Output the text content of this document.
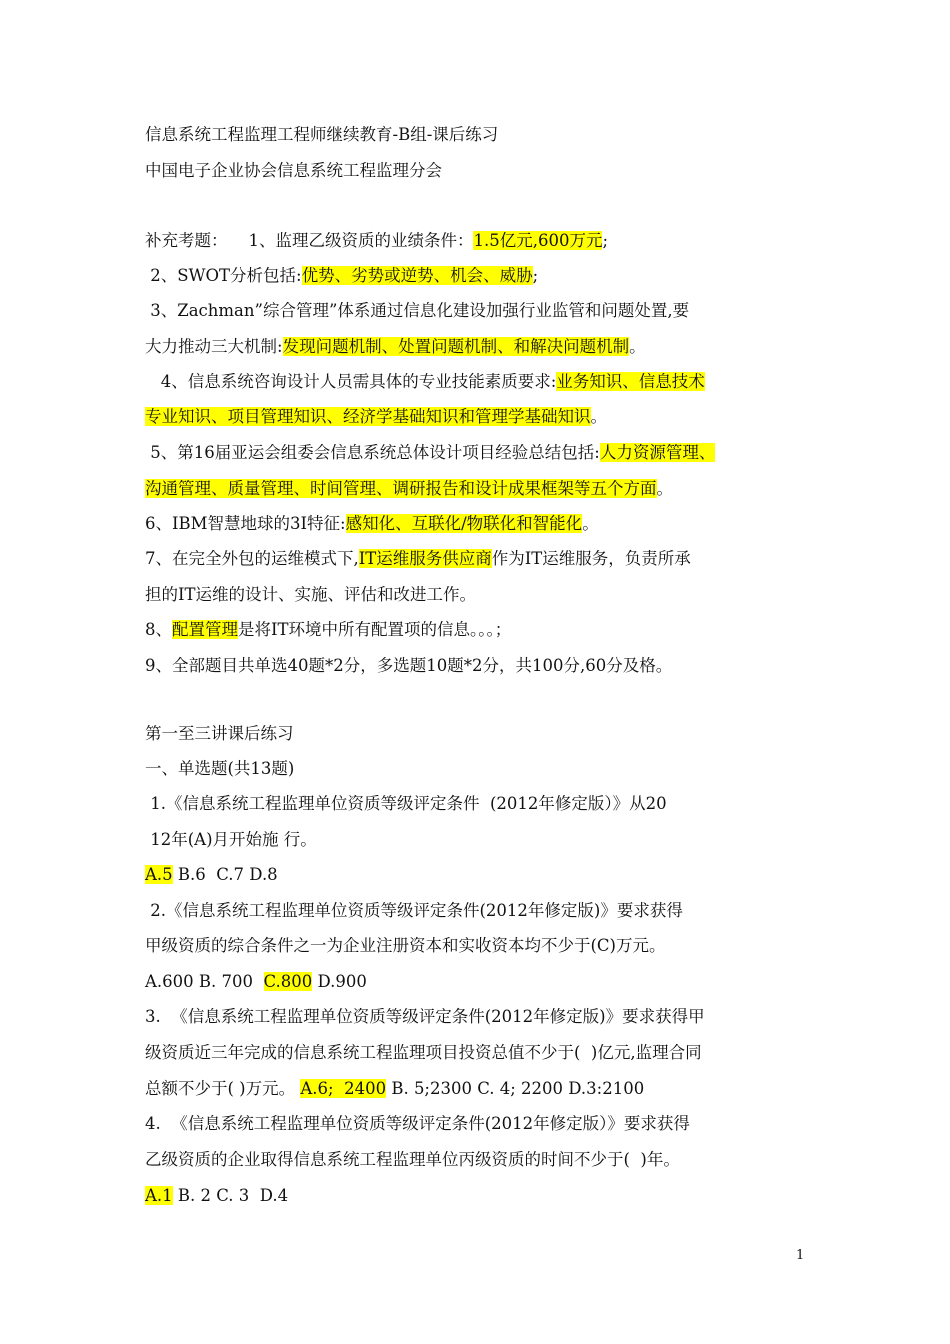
信息系统工程监理工程师继续教育-B组-课后练习
中国电子企业协会信息系统工程监理分会
补充考题：    1、监理乙级资质的业绩条件：1.5亿元,600万元;
2、SWOT分析包括:优势、劣势或逆势、机会、威胁;
3、Zachman”综合管理”体系通过信息化建设加强行业监管和问题处置,要
大力推动三大机制:发现问题机制、处置问题机制、和解决问题机制。
4、信息系统咨询设计人员需具体的专业技能素质要求:业务知识、信息技术
专业知识、项目管理知识、经济学基础知识和管理学基础知识。
5、第16届亚运会组委会信息系统总体设计项目经验总结包括:人力资源管理、
沟通管理、质量管理、时间管理、调研报告和设计成果框架等五个方面。
6、IBM智慧地球的3I特征:感知化、互联化/物联化和智能化。
7、在完全外包的运维模式下,IT运维服务供应商作为IT运维服务，负责所承
担的IT运维的设计、实施、评估和改进工作。
8、配置管理是将IT环境中所有配置项的信息。。。；
9、全部题目共单选40题*2分，多选题10题*2分，共100分,60分及格。
第一至三讲课后练习
一、单选题(共13题)
1.《信息系统工程监理单位资质等级评定条件  (2012年修定版）》从20
12年(A)月开始施 行。
A.5 B.6  C.7 D.8
2.《信息系统工程监理单位资质等级评定条件(2012年修定版)》要求获得
甲级资质的综合条件之一为企业注册资本和实收资本均不少于(C)万元。
A.600 B. 700  C.800 D.900
3.  《信息系统工程监理单位资质等级评定条件(2012年修定版)》要求获得甲
级资质近三年完成的信息系统工程监理项目投资总值不少于(  )亿元,监理合同
总额不少于( )万元。 A.6;  2400 B. 5;2300 C. 4; 2200 D.3:2100
4.  《信息系统工程监理单位资质等级评定条件(2012年修定版）》要求获得
乙级资质的企业取得信息系统工程监理单位丙级资质的时间不少于(  )年。
A.1 B. 2 C. 3  D.4
1
